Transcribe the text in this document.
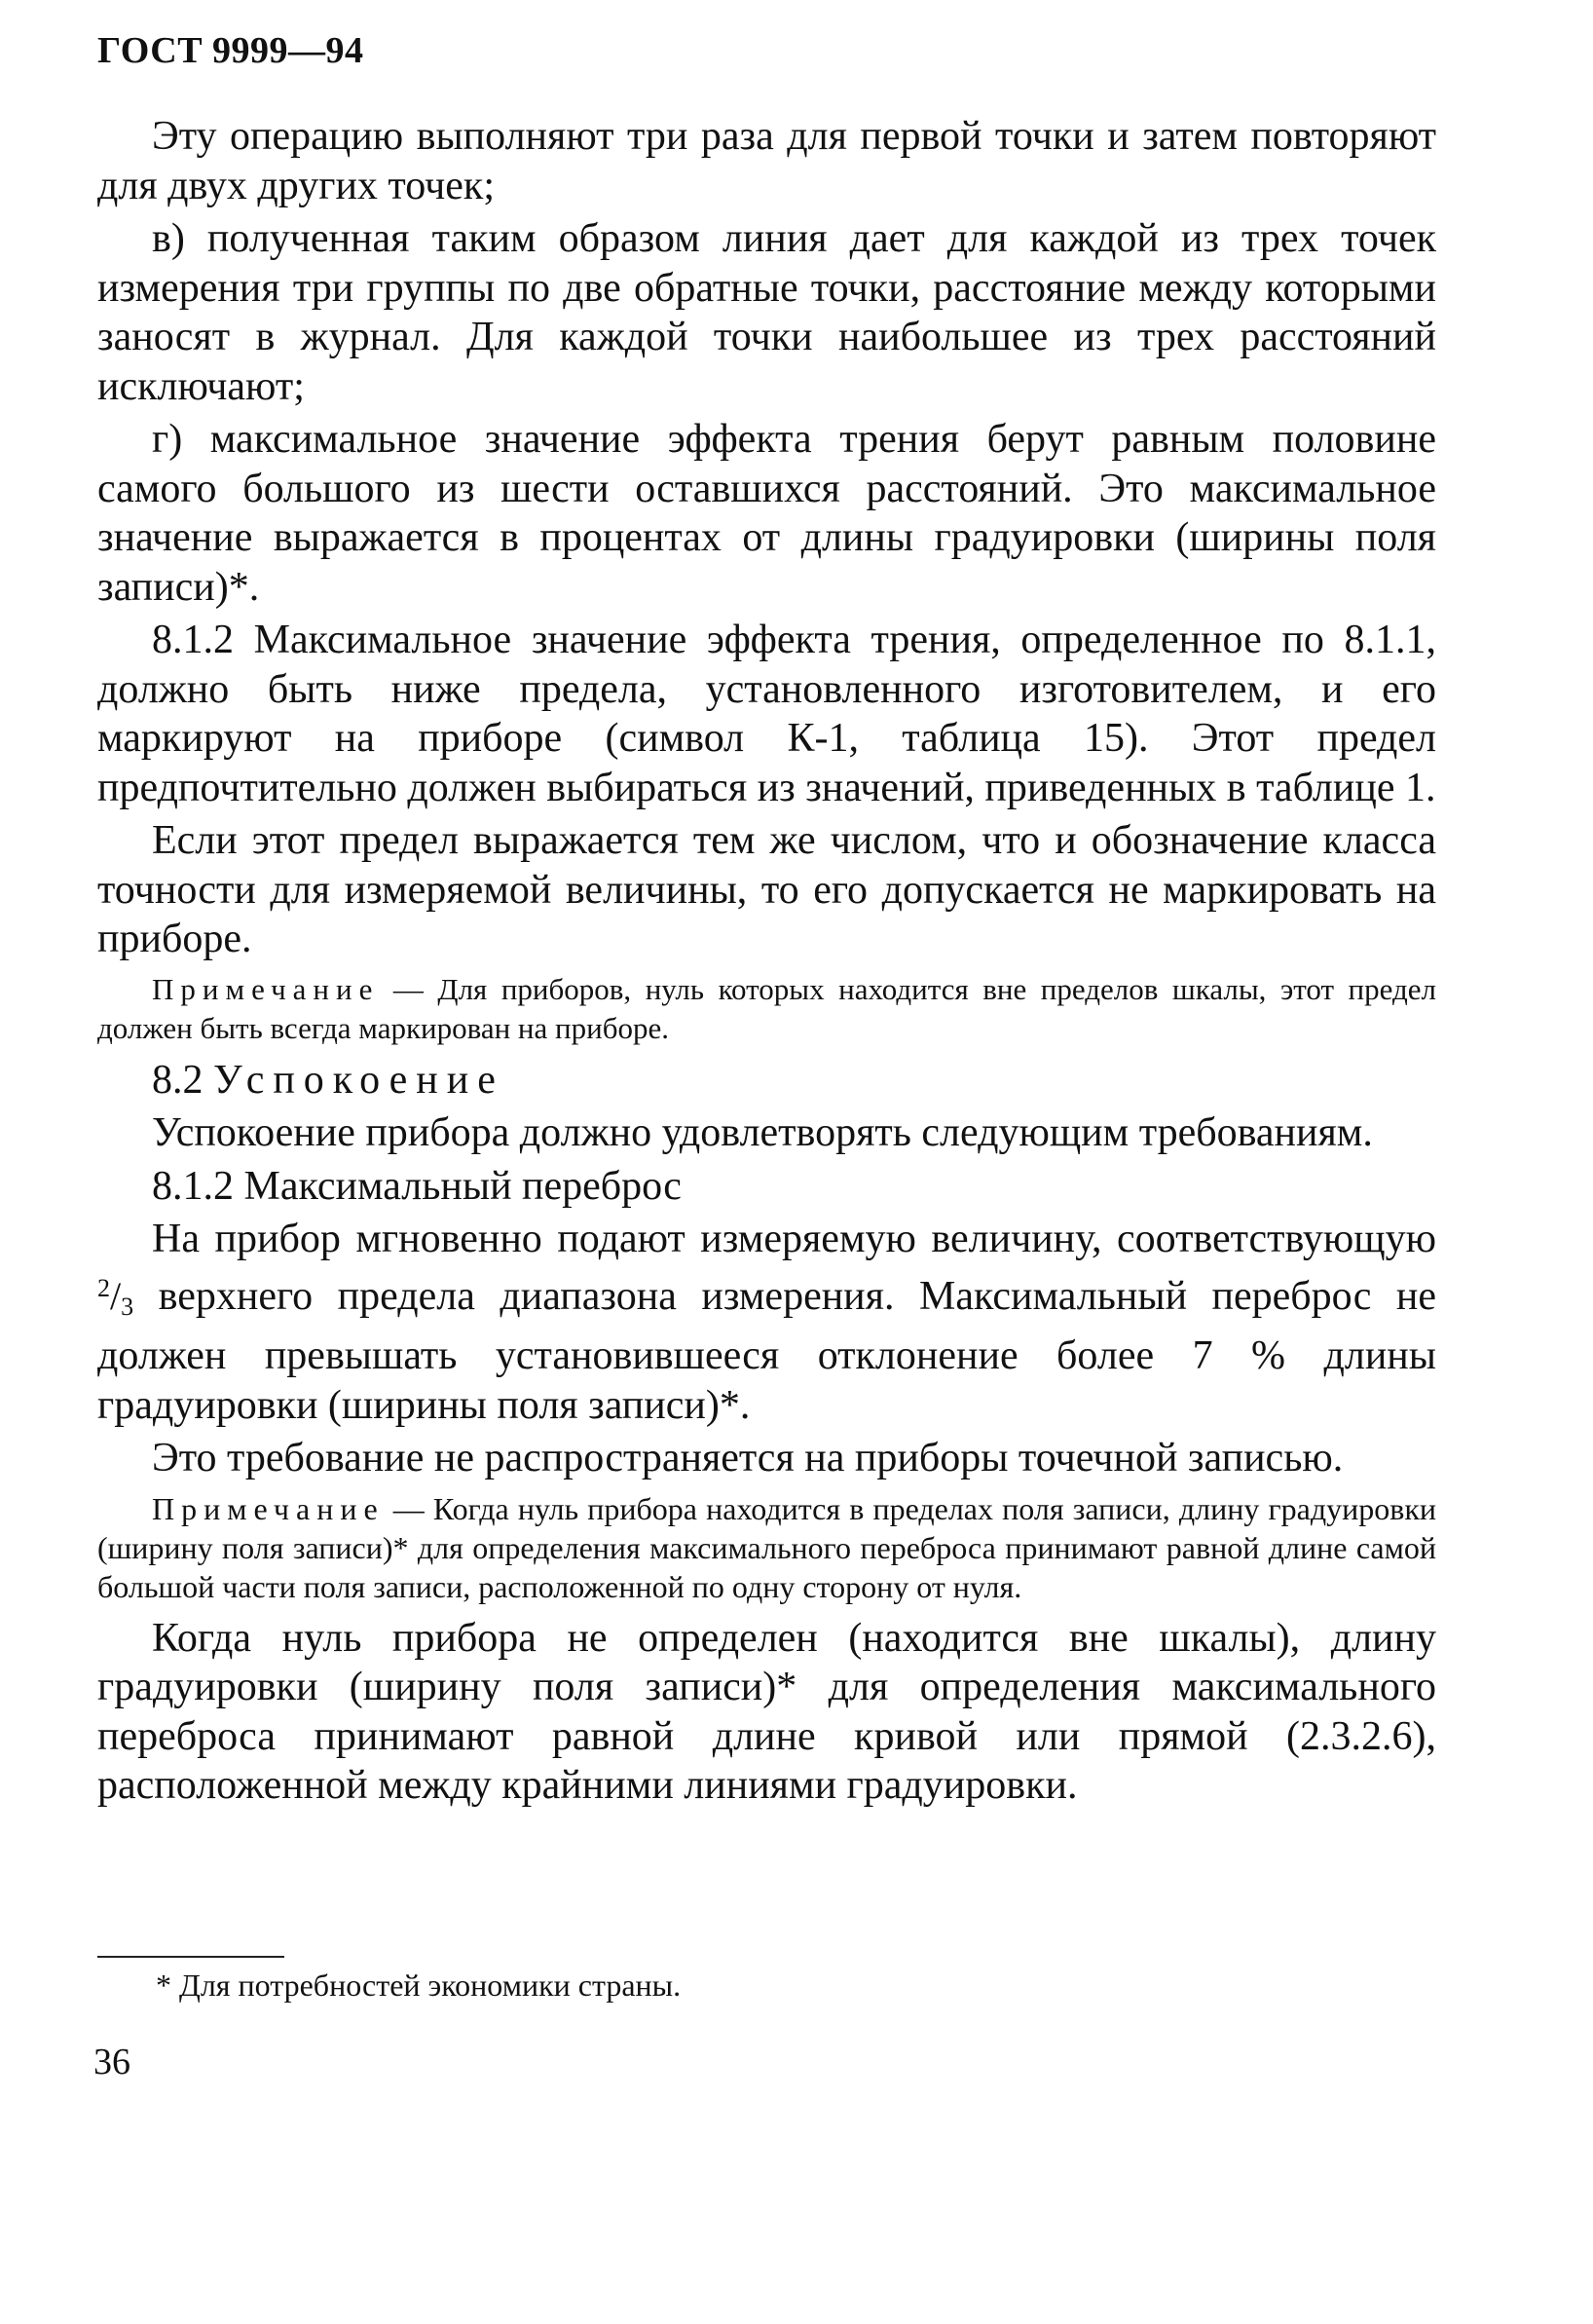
ГОСТ 9999—94

Эту операцию выполняют три раза для первой точки и затем повторяют для двух других точек;

в) полученная таким образом линия дает для каждой из трех точек измерения три группы по две обратные точки, расстояние между которыми заносят в журнал. Для каждой точки наибольшее из трех расстояний исключают;

г) максимальное значение эффекта трения берут равным половине самого большого из шести оставшихся расстояний. Это максимальное значение выражается в процентах от длины градуировки (ширины поля записи)*.

8.1.2 Максимальное значение эффекта трения, определенное по 8.1.1, должно быть ниже предела, установленного изготовителем, и его маркируют на приборе (символ К-1, таблица 15). Этот предел предпочтительно должен выбираться из значений, приведенных в таблице 1.

Если этот предел выражается тем же числом, что и обозначение класса точности для измеряемой величины, то его допускается не маркировать на приборе.

Примечание — Для приборов, нуль которых находится вне пределов шкалы, этот предел должен быть всегда маркирован на приборе.

8.2 Успокоение

Успокоение прибора должно удовлетворять следующим требованиям.

8.1.2 Максимальный переброс

На прибор мгновенно подают измеряемую величину, соответствующую $^2/_3$ верхнего предела диапазона измерения. Максимальный переброс не должен превышать установившееся отклонение более 7 % длины градуировки (ширины поля записи)*.

Это требование не распространяется на приборы точечной записью.

Примечание — Когда нуль прибора находится в пределах поля записи, длину градуировки (ширину поля записи)* для определения максимального переброса принимают равной длине самой большой части поля записи, расположенной по одну сторону от нуля.

Когда нуль прибора не определен (находится вне шкалы), длину градуировки (ширину поля записи)* для определения максимального переброса принимают равной длине кривой или прямой (2.3.2.6), расположенной между крайними линиями градуировки.

* Для потребностей экономики страны.
36
